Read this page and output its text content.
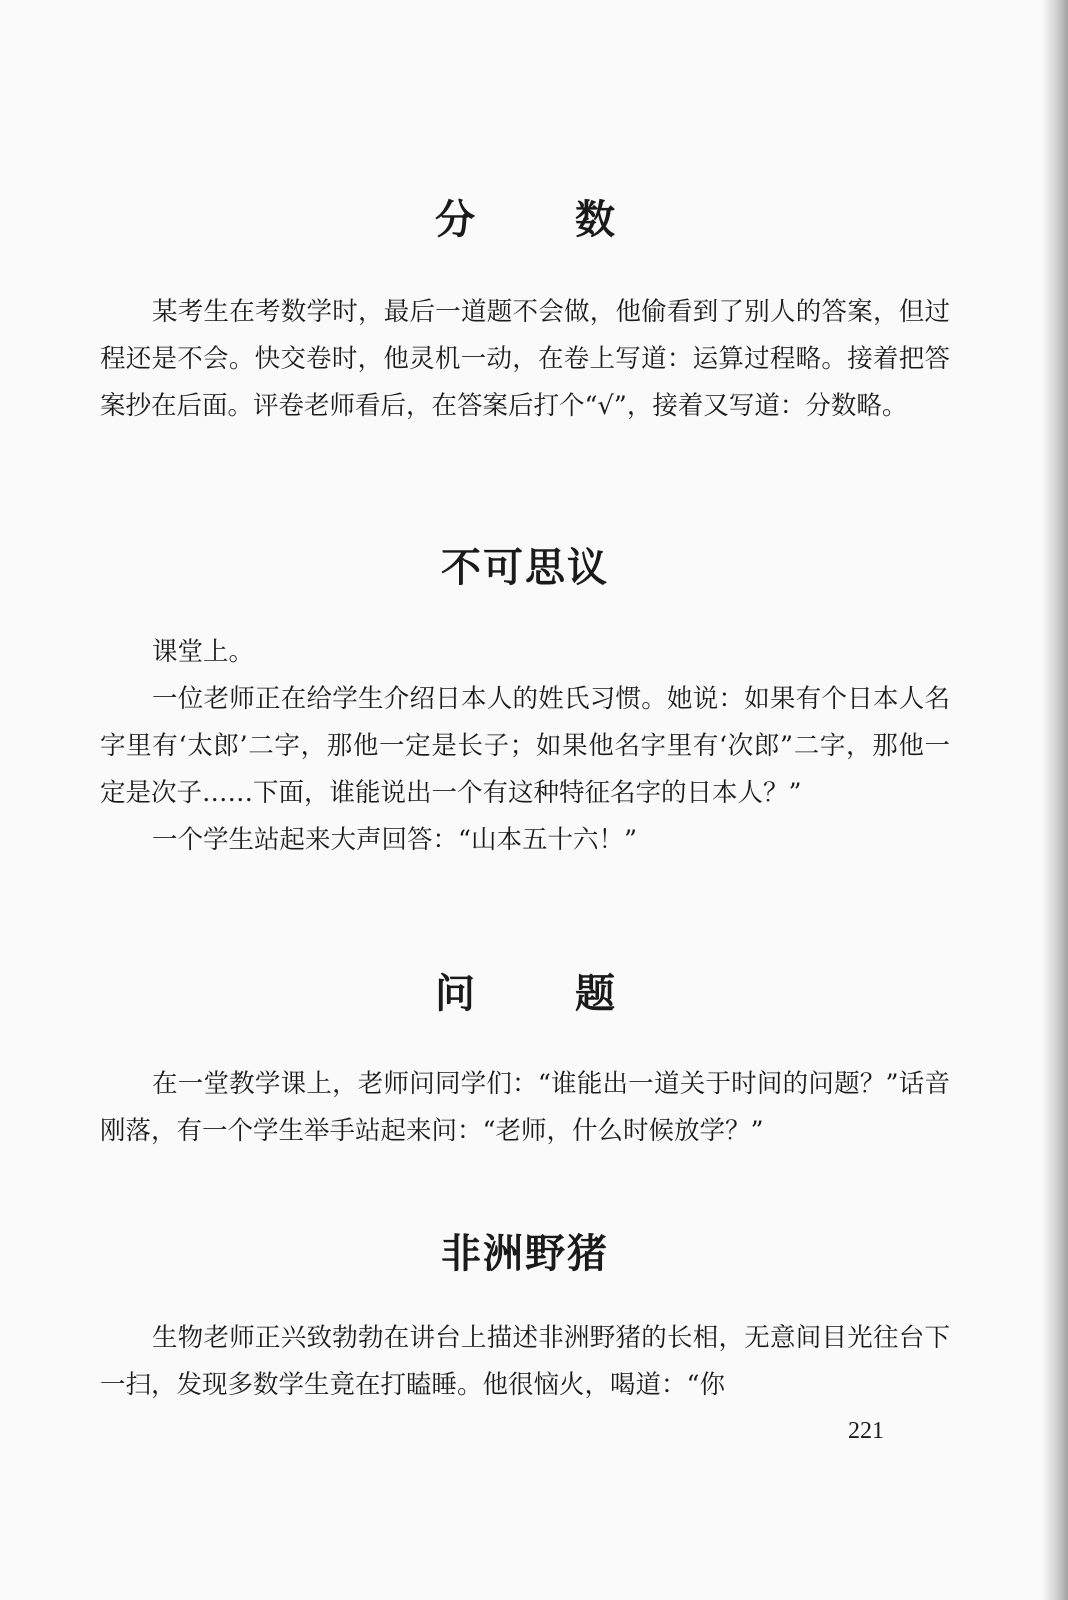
分数

某考生在考数学时，最后一道题不会做，他偷看到了别人的答案，但过程还是不会。快交卷时，他灵机一动，在卷上写道：运算过程略。接着把答案抄在后面。评卷老师看后，在答案后打个“√”，接着又写道：分数略。

不可思议

课堂上。

一位老师正在给学生介绍日本人的姓氏习惯。她说：如果有个日本人名字里有‘太郎’二字，那他一定是长子；如果他名字里有‘次郎”二字，那他一定是次子……下面，谁能说出一个有这种特征名字的日本人？”

一个学生站起来大声回答：“山本五十六！”

问题

在一堂教学课上，老师问同学们：“谁能出一道关于时间的问题？”话音刚落，有一个学生举手站起来问：“老师，什么时候放学？”

非洲野猪

生物老师正兴致勃勃在讲台上描述非洲野猪的长相，无意间目光往台下一扫，发现多数学生竟在打瞌睡。他很恼火，喝道：“你

221
